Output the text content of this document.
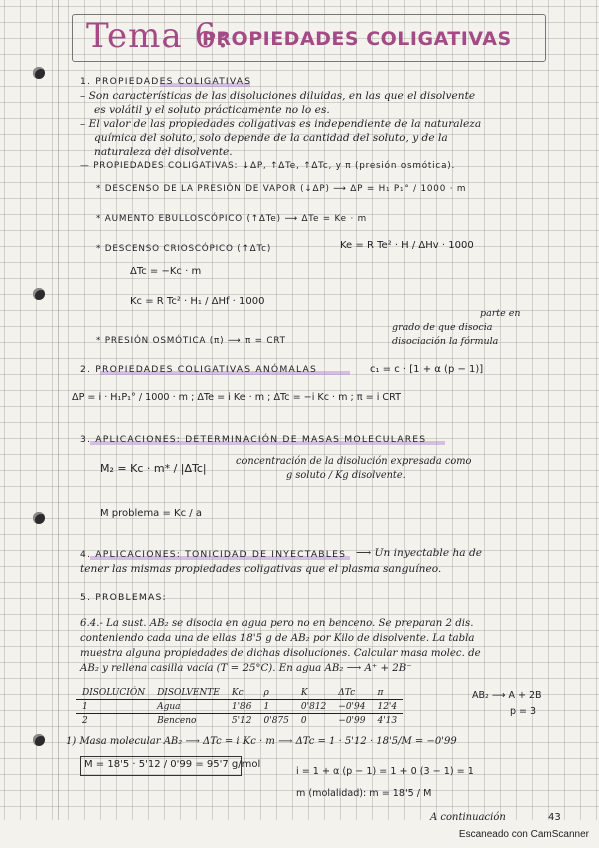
Tema 6:
PROPIEDADES COLIGATIVAS
1. PROPIEDADES COLIGATIVAS
– Son características de las disoluciones diluidas, en las que el disolvente
es volátil y el soluto prácticamente no lo es.
– El valor de las propiedades coligativas es independiente de la naturaleza
química del soluto, solo depende de la cantidad del soluto, y de la
naturaleza del disolvente.
— PROPIEDADES COLIGATIVAS: ↓ΔP, ↑ΔTe, ↑ΔTc, y π (presión osmótica).
* DESCENSO DE LA PRESIÓN DE VAPOR (↓ΔP) ⟶ ΔP = H₁ P₁° / 1000 · m
* AUMENTO EBULLOSCÓPICO (↑ΔTe) ⟶ ΔTe = Ke · m
* DESCENSO CRIOSCÓPICO (↑ΔTc)	Ke = R Te² · H / ΔHv · 1000
ΔTc = −Kc · m
Kc = R Tc² · H₁ / ΔHf · 1000
* PRESIÓN OSMÓTICA (π) ⟶ π = CRT
parte en
grado de que disocia
disociación la fórmula
2. PROPIEDADES COLIGATIVAS ANÓMALAS	c₁ = c · [1 + α (p − 1)]
ΔP = i · H₁P₁° / 1000 · m ; ΔTe = i Ke · m ; ΔTc = −i Kc · m ; π = i CRT
3. APLICACIONES: DETERMINACIÓN DE MASAS MOLECULARES
M₂ = Kc · m* / |ΔTc|
concentración de la disolución expresada como
g soluto / Kg disolvente.
M problema = Kc / a
4. APLICACIONES: TONICIDAD DE INYECTABLES ⟶ Un inyectable ha de
tener las mismas propiedades coligativas que el plasma sanguíneo.
5. PROBLEMAS:
6.4.- La sust. AB₂ se disocia en agua pero no en benceno. Se preparan 2 dis.
conteniendo cada una de ellas 18'5 g de AB₂ por Kilo de disolvente. La tabla
muestra alguna propiedades de dichas disoluciones. Calcular masa molec. de
AB₂ y rellena casilla vacía (T = 25°C). En agua AB₂ ⟶ A⁺ + 2B⁻
DISOLUCIÓN	DISOLVENTE	Kc	ρ	K	ΔTc	π
1	Agua	1'86	1	0'812	−0'94	12'4
2	Benceno	5'12	0'875	0	−0'99	4'13
AB₂ ⟶ A + 2B
p = 3
1) Masa molecular AB₂ ⟶ ΔTc = i Kc · m ⟶ ΔTc = 1 · 5'12 · 18'5/M = −0'99
M = 18'5 · 5'12 / 0'99 = 95'7 g/mol
i = 1 + α (p − 1) = 1 + 0 (3 − 1) = 1
m (molalidad): m = 18'5 / M
A continuación	43
Escaneado con CamScanner
